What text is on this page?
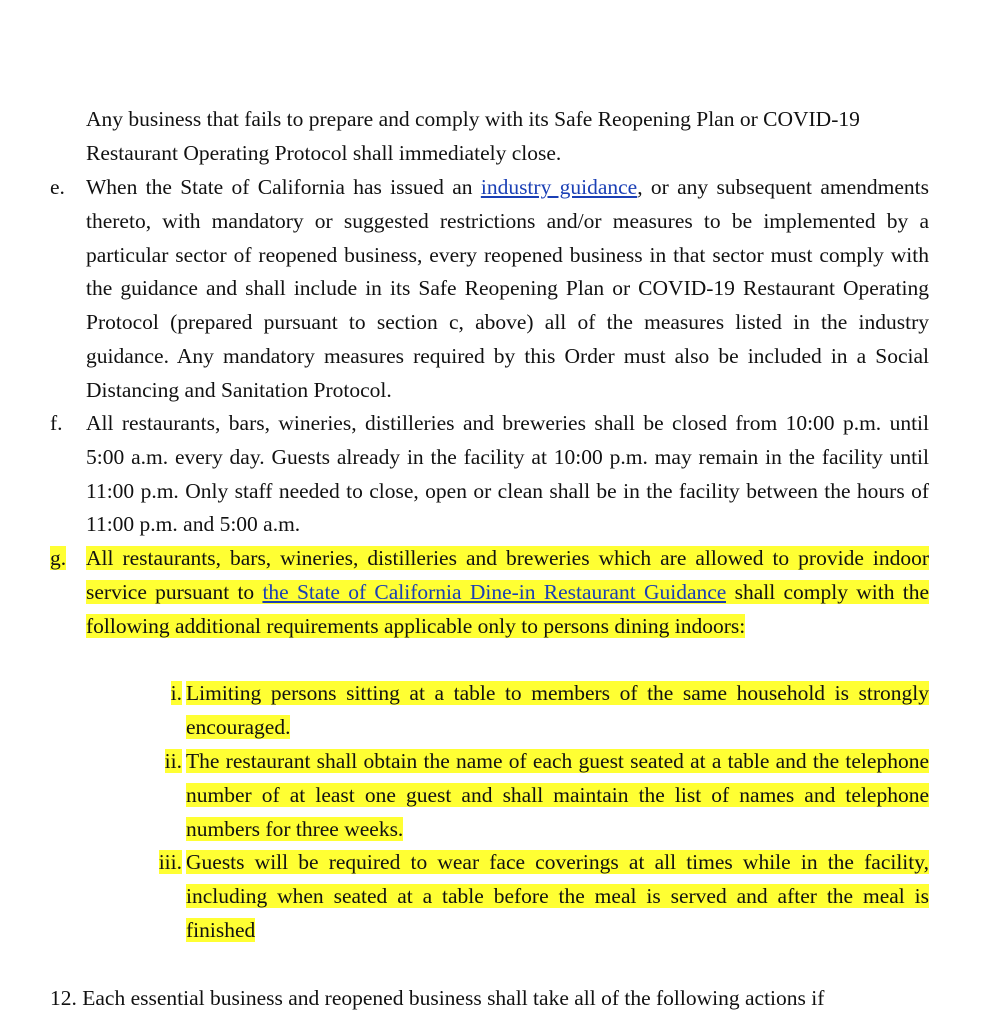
Any business that fails to prepare and comply with its Safe Reopening Plan or COVID-19 Restaurant Operating Protocol shall immediately close.
e. When the State of California has issued an industry guidance, or any subsequent amendments thereto, with mandatory or suggested restrictions and/or measures to be implemented by a particular sector of reopened business, every reopened business in that sector must comply with the guidance and shall include in its Safe Reopening Plan or COVID-19 Restaurant Operating Protocol (prepared pursuant to section c, above) all of the measures listed in the industry guidance. Any mandatory measures required by this Order must also be included in a Social Distancing and Sanitation Protocol.
f. All restaurants, bars, wineries, distilleries and breweries shall be closed from 10:00 p.m. until 5:00 a.m. every day. Guests already in the facility at 10:00 p.m. may remain in the facility until 11:00 p.m. Only staff needed to close, open or clean shall be in the facility between the hours of 11:00 p.m. and 5:00 a.m.
g. All restaurants, bars, wineries, distilleries and breweries which are allowed to provide indoor service pursuant to the State of California Dine-in Restaurant Guidance shall comply with the following additional requirements applicable only to persons dining indoors:
i. Limiting persons sitting at a table to members of the same household is strongly encouraged.
ii. The restaurant shall obtain the name of each guest seated at a table and the telephone number of at least one guest and shall maintain the list of names and telephone numbers for three weeks.
iii. Guests will be required to wear face coverings at all times while in the facility, including when seated at a table before the meal is served and after the meal is finished
12. Each essential business and reopened business shall take all of the following actions if
